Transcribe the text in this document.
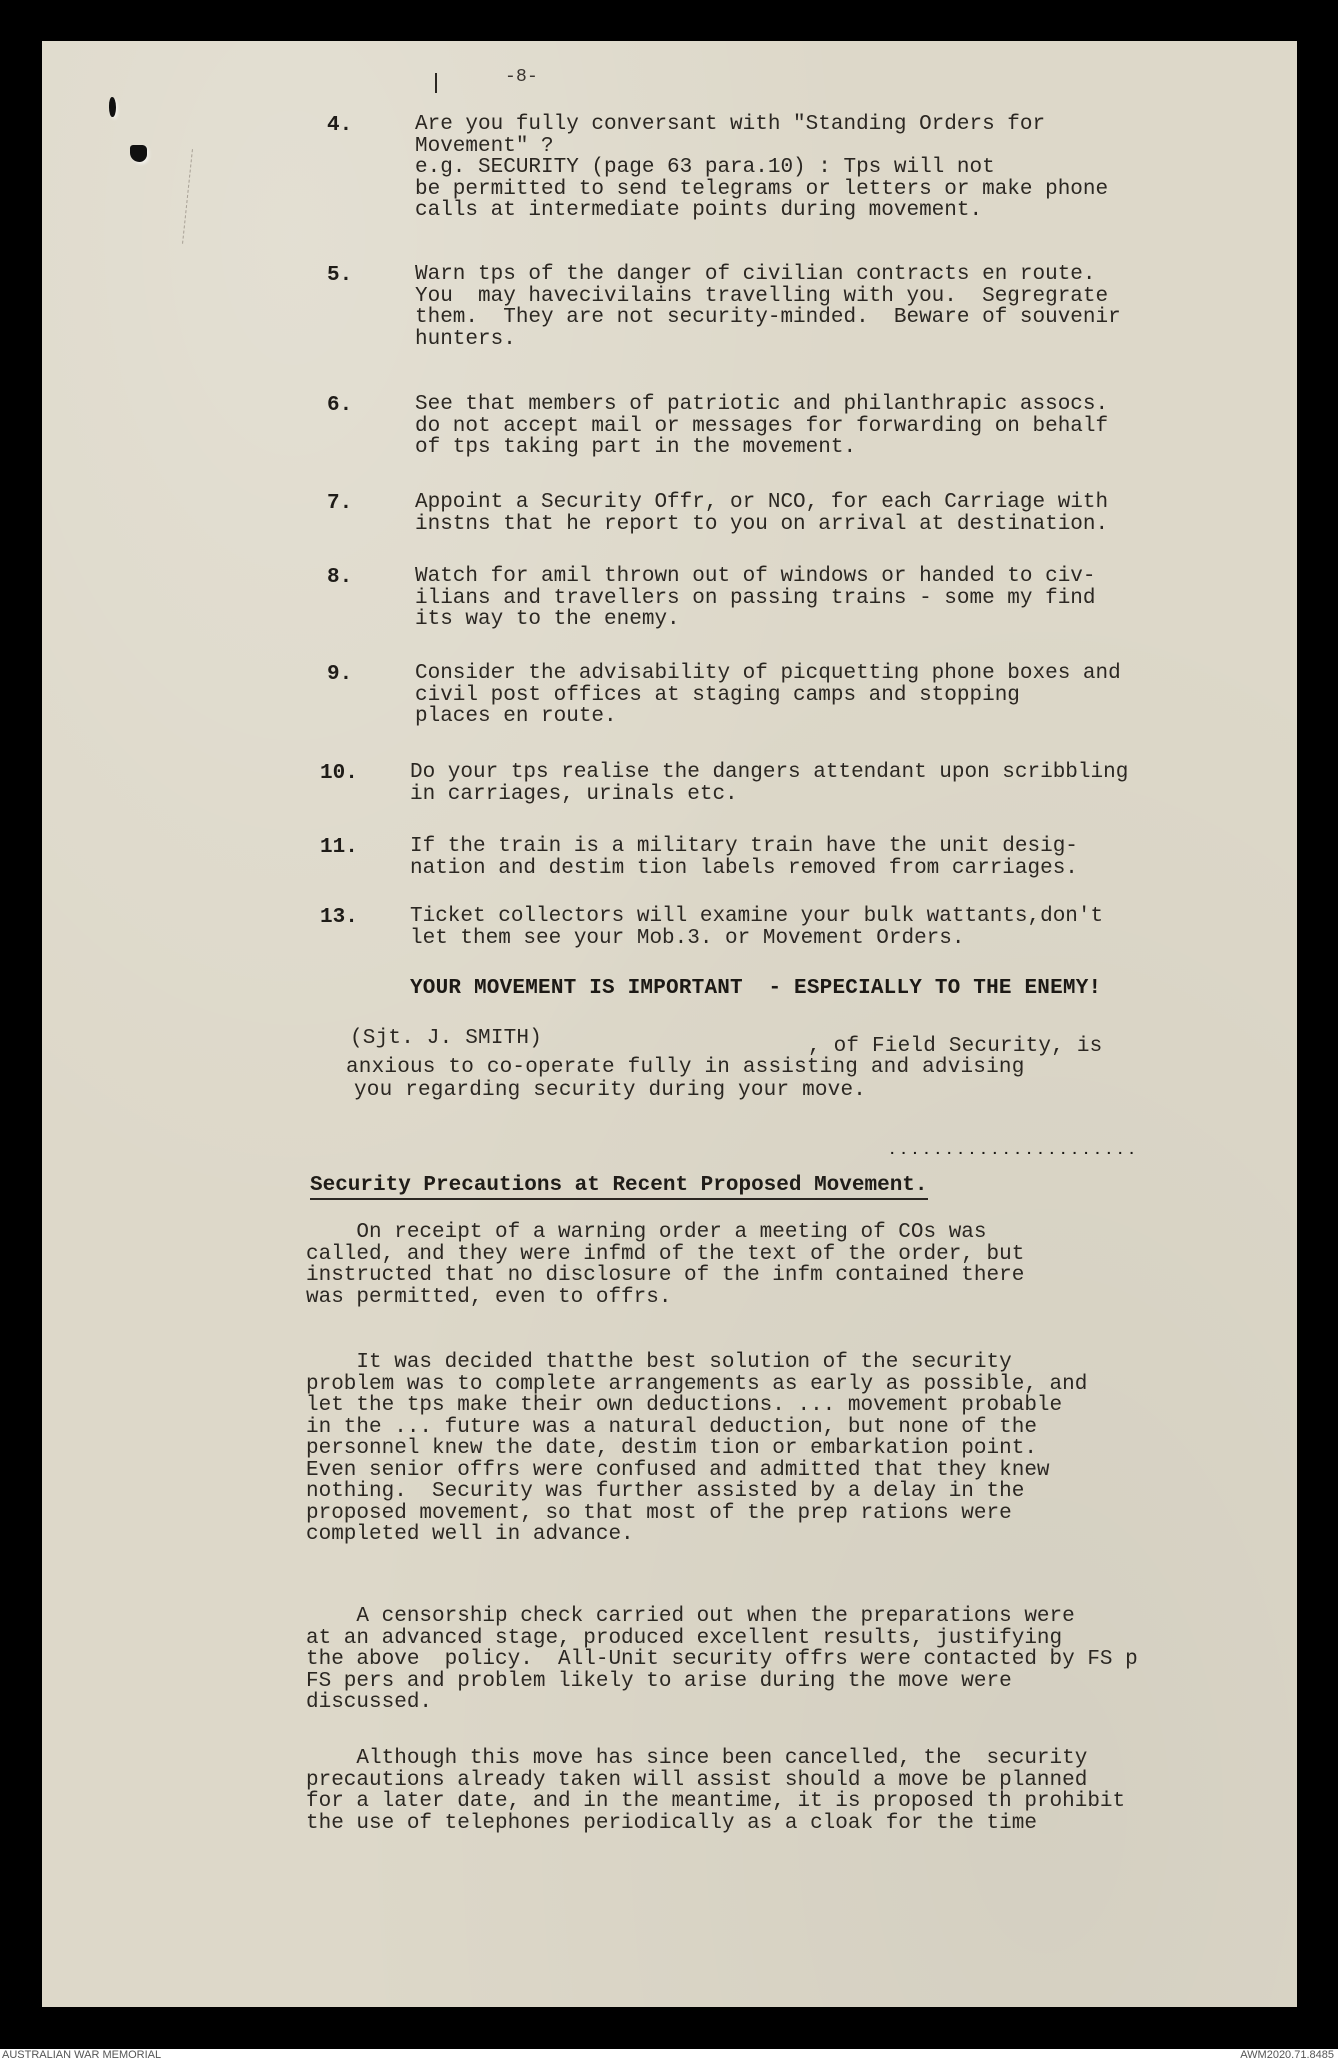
-8-
4.	Are you fully conversant with "Standing Orders for
Movement" ?
e.g. SECURITY (page 63 para.10) : Tps will not
be permitted to send telegrams or letters or make phone
calls at intermediate points during movement.
5.	Warn tps of the danger of civilian contracts en route.
You  may havecivilains travelling with you.  Segregrate
them.  They are not security-minded.  Beware of souvenir
hunters.
6.	See that members of patriotic and philanthrapic assocs.
do not accept mail or messages for forwarding on behalf
of tps taking part in the movement.
7.	Appoint a Security Offr, or NCO, for each Carriage with
instns that he report to you on arrival at destination.
8.	Watch for amil thrown out of windows or handed to civ-
ilians and travellers on passing trains - some my find
its way to the enemy.
9.	Consider the advisability of picquetting phone boxes and
civil post offices at staging camps and stopping
places en route.
10. Do your tps realise the dangers attendant upon scribbling
in carriages, urinals etc.
11. If the train is a military train have the unit desig-
nation and destim tion labels removed from carriages.
13. Ticket collectors will examine your bulk wattants,don't
let them see your Mob.3. or Movement Orders.
YOUR MOVEMENT IS IMPORTANT  - ESPECIALLY TO THE ENEMY!
(Sjt. J. SMITH)	, of Field Security, is
anxious to co-operate fully in assisting and advising
you regarding security during your move.
......................
Security Precautions at Recent Proposed Movement.
On receipt of a warning order a meeting of COs was
called, and they were infmd of the text of the order, but
instructed that no disclosure of the infm contained there
was permitted, even to offrs.
It was decided thatthe best solution of the security
problem was to complete arrangements as early as possible, and
let the tps make their own deductions. ... movement probable
in the ... future was a natural deduction, but none of the
personnel knew the date, destim tion or embarkation point.
Even senior offrs were confused and admitted that they knew
nothing.  Security was further assisted by a delay in the
proposed movement, so that most of the prep rations were
completed well in advance.
A censorship check carried out when the preparations were
at an advanced stage, produced excellent results, justifying
the above  policy.  All-Unit security offrs were contacted by FS p
FS pers and problem likely to arise during the move were
discussed.
Although this move has since been cancelled, the  security
precautions already taken will assist should a move be planned
for a later date, and in the meantime, it is proposed th prohibit
the use of telephones periodically as a cloak for the time
AUSTRALIAN WAR MEMORIAL	AWM2020.71.8485
